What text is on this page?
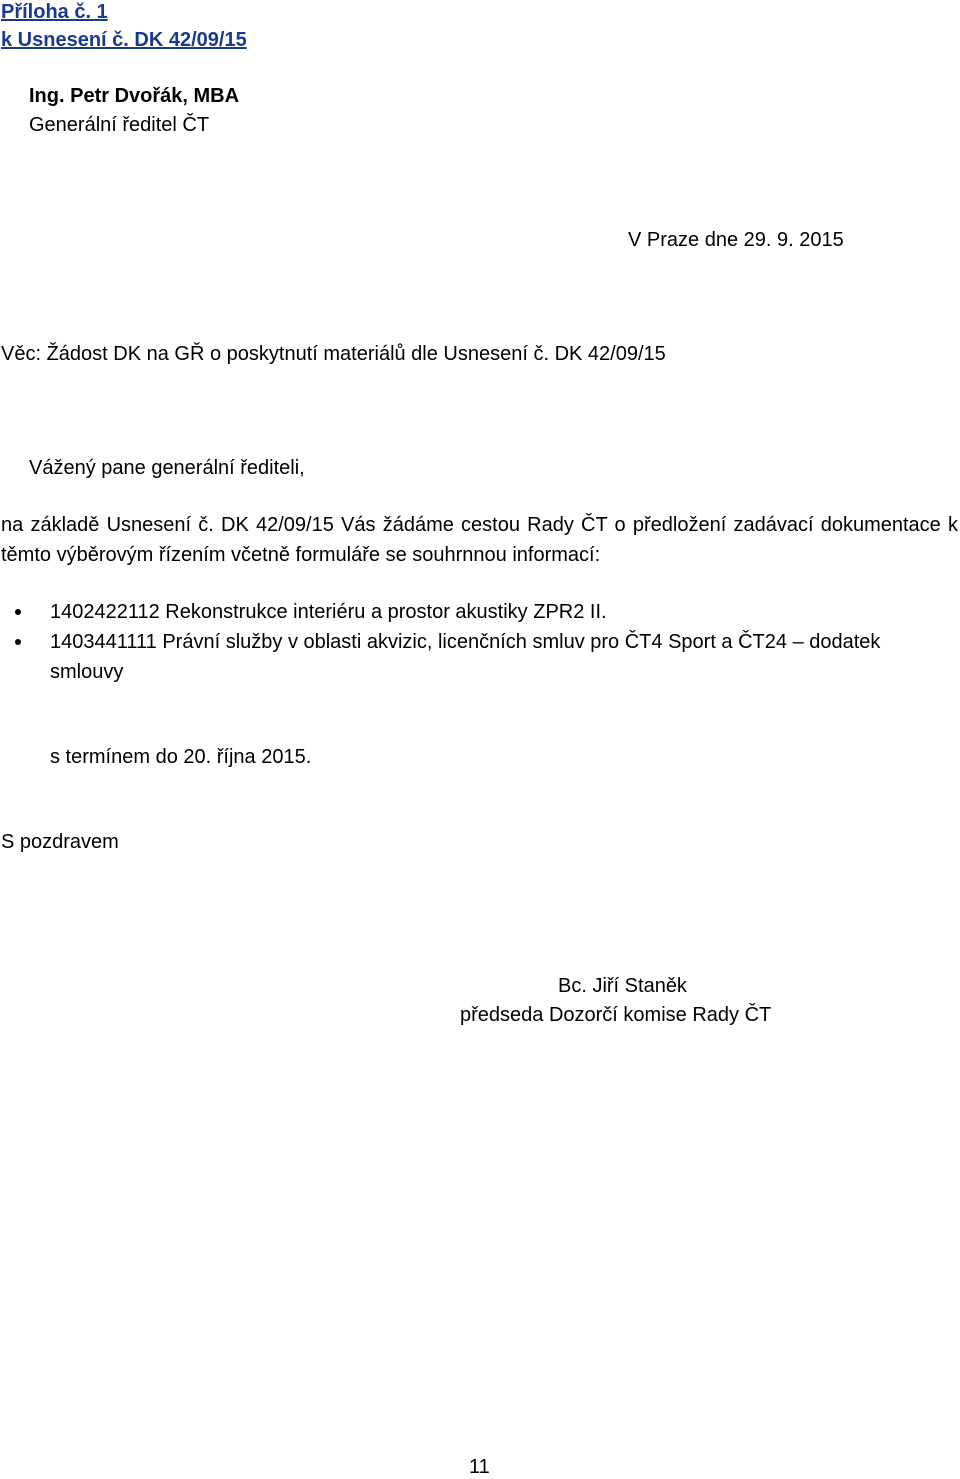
Příloha č. 1
k Usnesení č. DK 42/09/15
Ing. Petr Dvořák, MBA
Generální ředitel ČT
V Praze dne 29. 9. 2015
Věc: Žádost DK na GŘ o poskytnutí materiálů dle Usnesení č. DK 42/09/15
Vážený pane generální řediteli,
na základě Usnesení č. DK 42/09/15 Vás žádáme cestou Rady ČT o předložení zadávací dokumentace k těmto výběrovým řízením včetně formuláře se souhrnnou informací:
1402422112 Rekonstrukce interiéru a prostor akustiky ZPR2 II.
1403441111 Právní služby v oblasti akvizic, licenčních smluv pro ČT4 Sport a ČT24 – dodatek smlouvy
s termínem do 20. října 2015.
S pozdravem
Bc. Jiří Staněk
předseda Dozorčí komise Rady ČT
11
